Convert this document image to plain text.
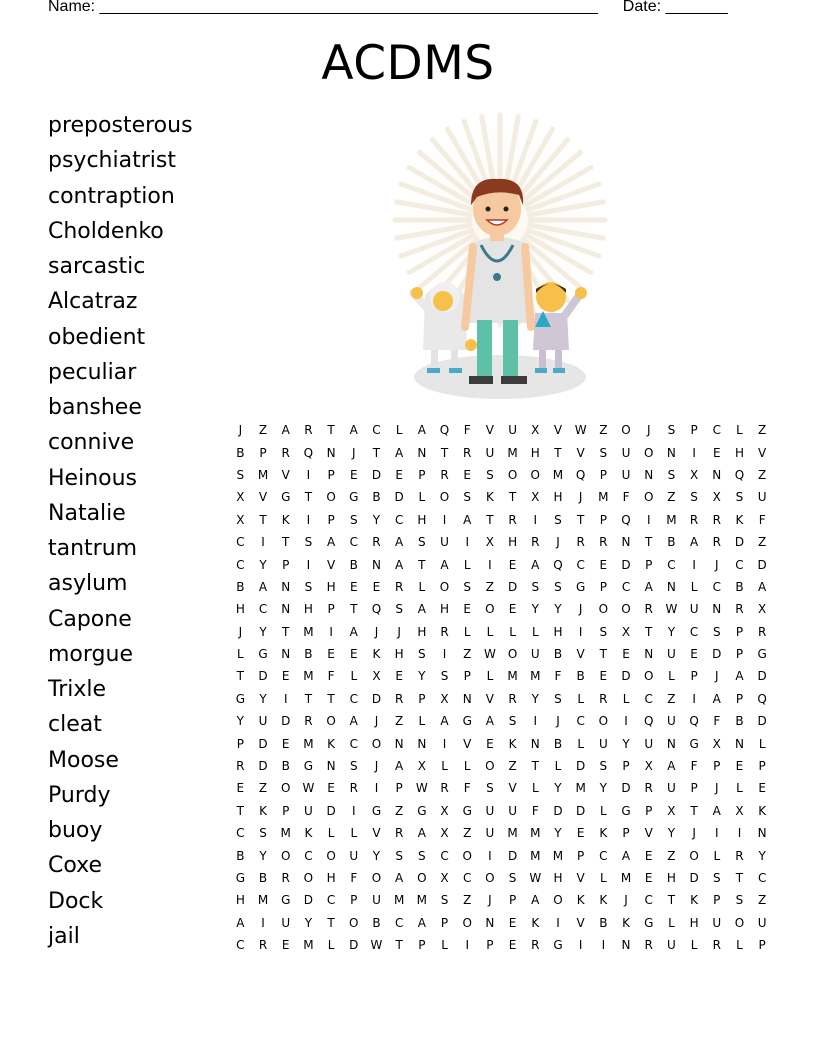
Name: ________________________________________________________ Date: _______
ACDMS
preposterous
psychiatrist
contraption
Choldenko
sarcastic
Alcatraz
obedient
peculiar
banshee
connive
Heinous
Natalie
tantrum
asylum
Capone
morgue
Trixle
cleat
Moose
Purdy
buoy
Coxe
Dock
jail
J	Z	A	R	T	A	C	L	A	Q	F	V	U	X	V	W	Z	O	J	S	P	C	L	Z
B	P	R	Q	N	J	T	A	N	T	R	U	M	H	T	V	S	U	O	N	I	E	H	V
S	M	V	I	P	E	D	E	P	R	E	S	O	O	M	Q	P	U	N	S	X	N	Q	Z
X	V	G	T	O	G	B	D	L	O	S	K	T	X	H	J	M	F	O	Z	S	X	S	U
X	T	K	I	P	S	Y	C	H	I	A	T	R	I	S	T	P	Q	I	M	R	R	K	F
C	I	T	S	A	C	R	A	S	U	I	X	H	R	J	R	R	N	T	B	A	R	D	Z
C	Y	P	I	V	B	N	A	T	A	L	I	E	A	Q	C	E	D	P	C	I	J	C	D
B	A	N	S	H	E	E	R	L	O	S	Z	D	S	S	G	P	C	A	N	L	C	B	A
H	C	N	H	P	T	Q	S	A	H	E	O	E	Y	Y	J	O	O	R	W	U	N	R	X
J	Y	T	M	I	A	J	J	H	R	L	L	L	L	H	I	S	X	T	Y	C	S	P	R
L	G	N	B	E	E	K	H	S	I	Z	W	O	U	B	V	T	E	N	U	E	D	P	G
T	D	E	M	F	L	X	E	Y	S	P	L	M	M	F	B	E	D	O	L	P	J	A	D
G	Y	I	T	T	C	D	R	P	X	N	V	R	Y	S	L	R	L	C	Z	I	A	P	Q
Y	U	D	R	O	A	J	Z	L	A	G	A	S	I	J	C	O	I	Q	U	Q	F	B	D
P	D	E	M	K	C	O	N	N	I	V	E	K	N	B	L	U	Y	U	N	G	X	N	L
R	D	B	G	N	S	J	A	X	L	L	O	Z	T	L	D	S	P	X	A	F	P	E	P
E	Z	O	W	E	R	I	P	W	R	F	S	V	L	Y	M	Y	D	R	U	P	J	L	E
T	K	P	U	D	I	G	Z	G	X	G	U	U	F	D	D	L	G	P	X	T	A	X	K
C	S	M	K	L	L	V	R	A	X	Z	U	M	M	Y	E	K	P	V	Y	J	I	I	N
B	Y	O	C	O	U	Y	S	S	C	O	I	D	M	M	P	C	A	E	Z	O	L	R	Y
G	B	R	O	H	F	O	A	O	X	C	O	S	W	H	V	L	M	E	H	D	S	T	C
H	M	G	D	C	P	U	M	M	S	Z	J	P	A	O	K	K	J	C	T	K	P	S	Z
A	I	U	Y	T	O	B	C	A	P	O	N	E	K	I	V	B	K	G	L	H	U	O	U
C	R	E	M	L	D	W	T	P	L	I	P	E	R	G	I	I	N	R	U	L	R	L	P
